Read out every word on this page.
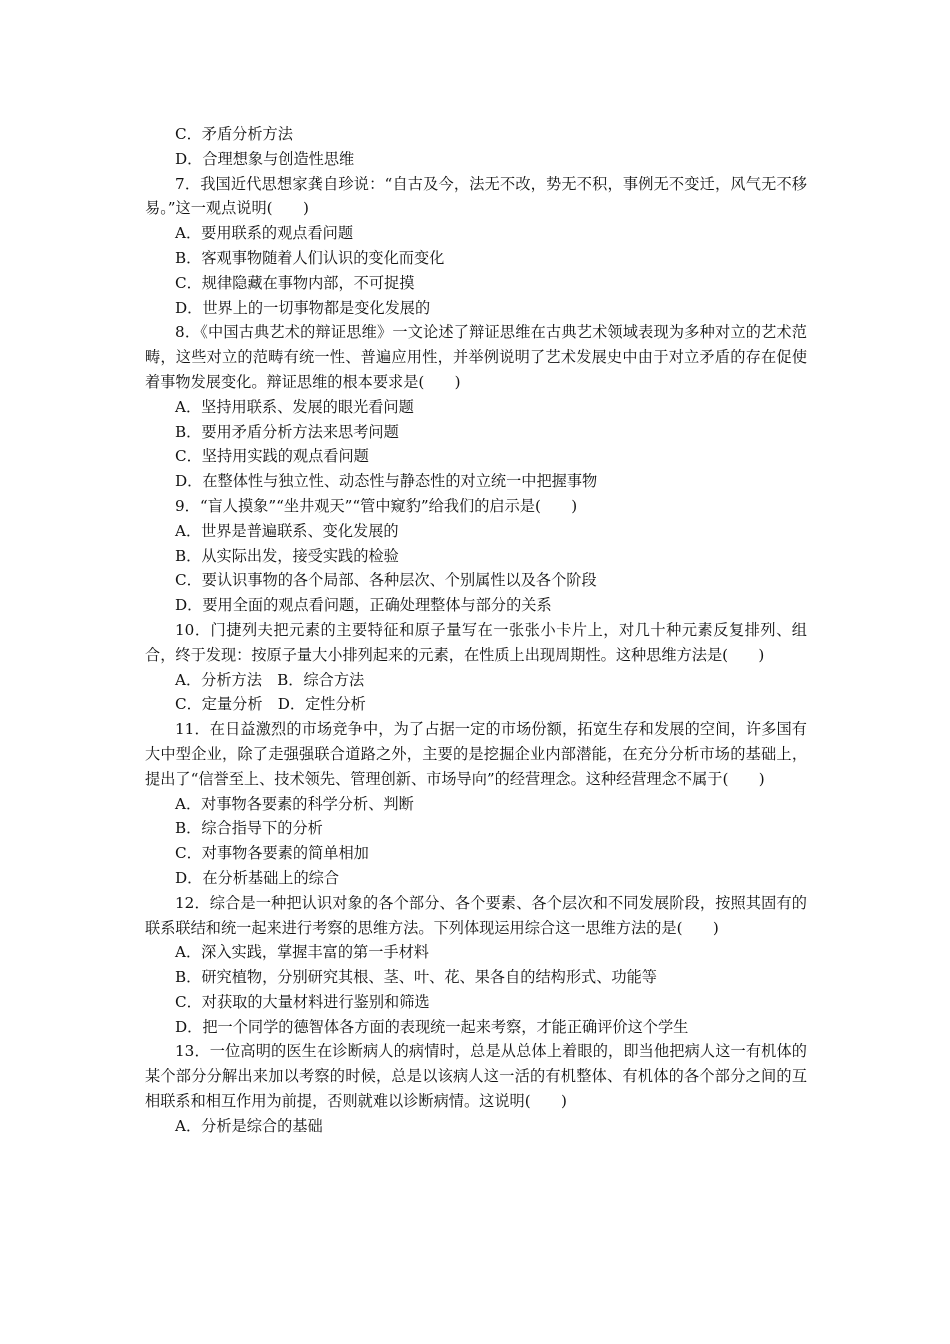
C．矛盾分析方法

D．合理想象与创造性思维

7．我国近代思想家龚自珍说：“自古及今，法无不改，势无不积，事例无不变迁，风气无不移易。”这一观点说明(　　)

A．要用联系的观点看问题

B．客观事物随着人们认识的变化而变化

C．规律隐藏在事物内部，不可捉摸

D．世界上的一切事物都是变化发展的

8．《中国古典艺术的辩证思维》一文论述了辩证思维在古典艺术领域表现为多种对立的艺术范畴，这些对立的范畴有统一性、普遍应用性，并举例说明了艺术发展史中由于对立矛盾的存在促使着事物发展变化。辩证思维的根本要求是(　　)

A．坚持用联系、发展的眼光看问题

B．要用矛盾分析方法来思考问题

C．坚持用实践的观点看问题

D．在整体性与独立性、动态性与静态性的对立统一中把握事物

9．“盲人摸象”“坐井观天”“管中窥豹”给我们的启示是(　　)

A．世界是普遍联系、变化发展的

B．从实际出发，接受实践的检验

C．要认识事物的各个局部、各种层次、个别属性以及各个阶段

D．要用全面的观点看问题，正确处理整体与部分的关系

10．门捷列夫把元素的主要特征和原子量写在一张张小卡片上，对几十种元素反复排列、组合，终于发现：按原子量大小排列起来的元素，在性质上出现周期性。这种思维方法是(　　)

A．分析方法　B．综合方法

C．定量分析　D．定性分析

11．在日益激烈的市场竞争中，为了占据一定的市场份额，拓宽生存和发展的空间，许多国有大中型企业，除了走强强联合道路之外，主要的是挖掘企业内部潜能，在充分分析市场的基础上，提出了“信誉至上、技术领先、管理创新、市场导向”的经营理念。这种经营理念不属于(　　)

A．对事物各要素的科学分析、判断

B．综合指导下的分析

C．对事物各要素的简单相加

D．在分析基础上的综合

12．综合是一种把认识对象的各个部分、各个要素、各个层次和不同发展阶段，按照其固有的联系联结和统一起来进行考察的思维方法。下列体现运用综合这一思维方法的是(　　)

A．深入实践，掌握丰富的第一手材料

B．研究植物，分别研究其根、茎、叶、花、果各自的结构形式、功能等

C．对获取的大量材料进行鉴别和筛选

D．把一个同学的德智体各方面的表现统一起来考察，才能正确评价这个学生

13．一位高明的医生在诊断病人的病情时，总是从总体上着眼的，即当他把病人这一有机体的某个部分分解出来加以考察的时候，总是以该病人这一活的有机整体、有机体的各个部分之间的互相联系和相互作用为前提，否则就难以诊断病情。这说明(　　)

A．分析是综合的基础
